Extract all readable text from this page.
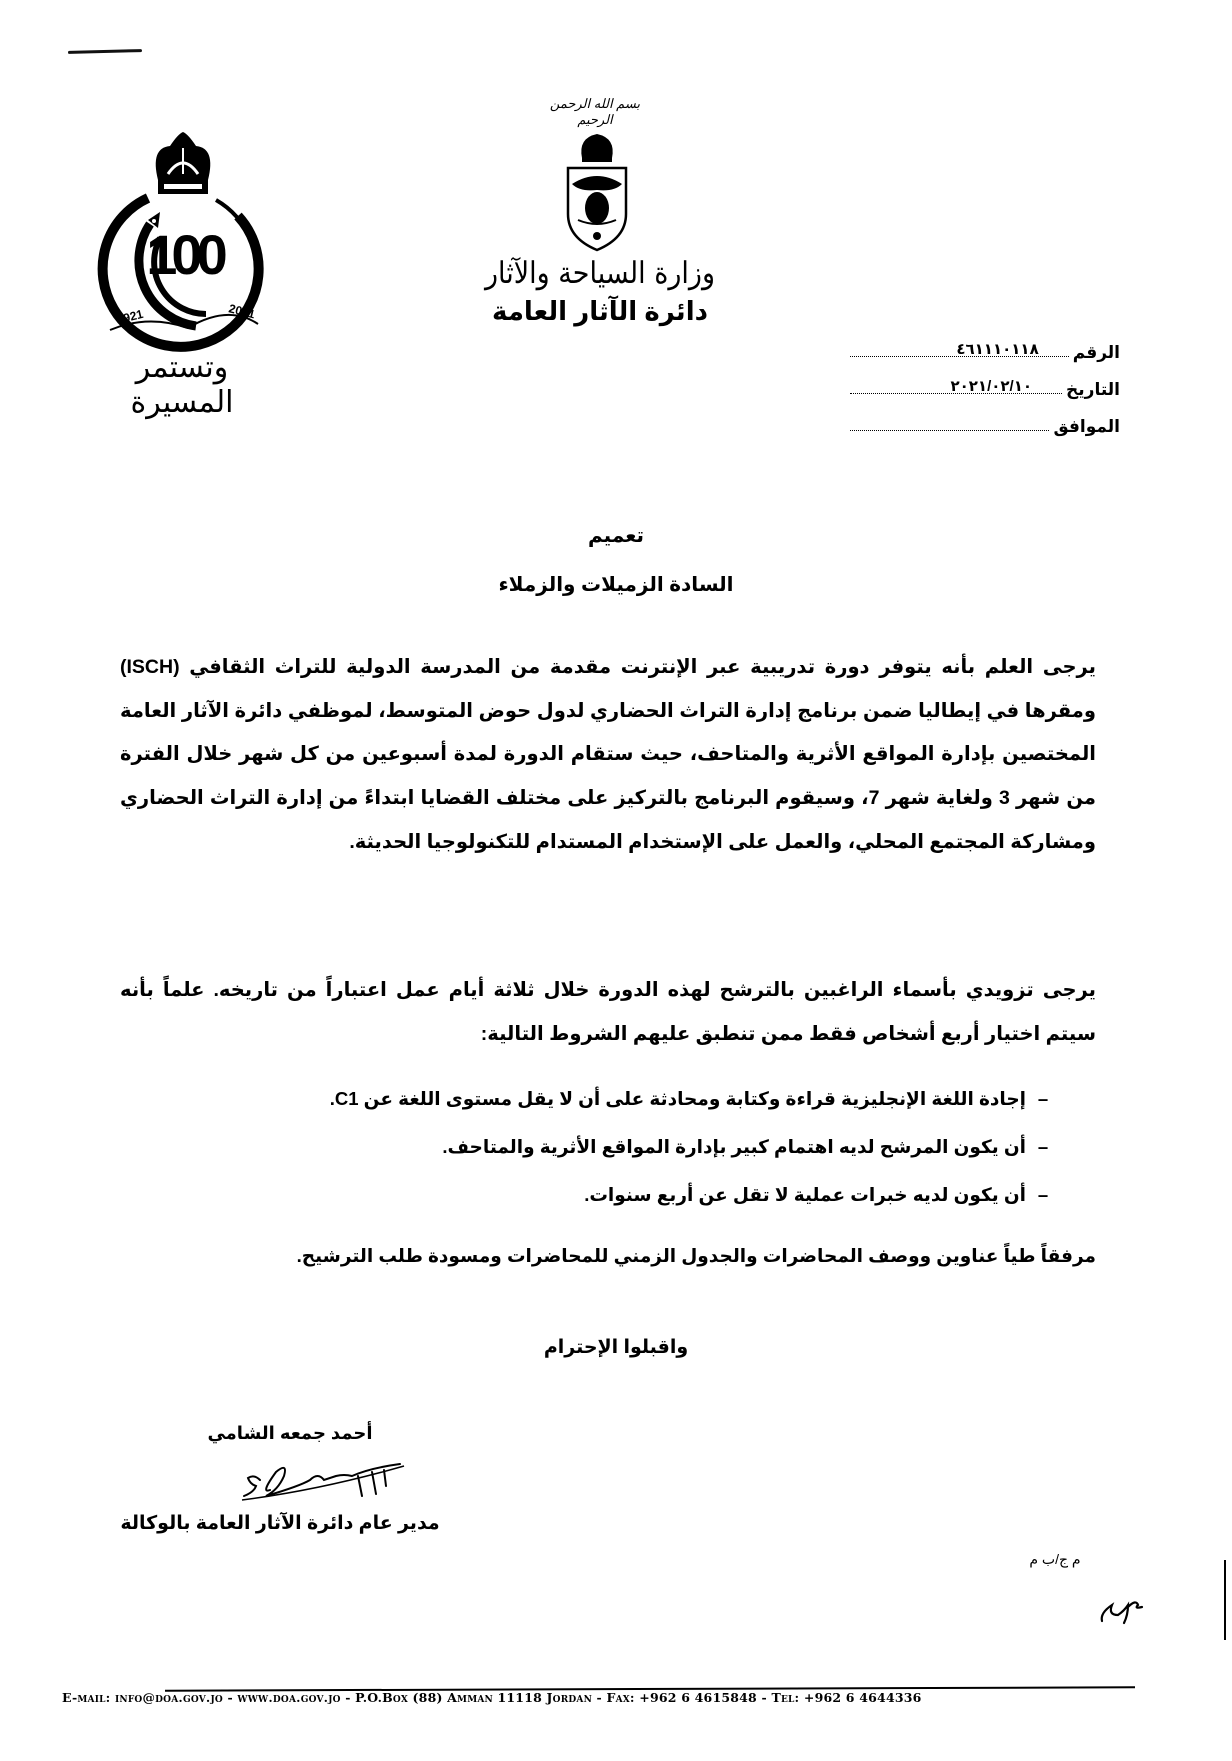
100
1921	2021
وتستمر المسيرة
بسم الله الرحمن الرحيم
وزارة السياحة والآثار
دائرة الآثار العامة
الرقم
٤٦١١١٠١١٨
التاريخ
٢٠٢١/٠٢/١٠
الموافق
تعميم
السادة الزميلات والزملاء
يرجى العلم بأنه يتوفر دورة تدريبية عبر الإنترنت مقدمة من المدرسة الدولية للتراث الثقافي (ISCH) ومقرها في إيطاليا ضمن برنامج إدارة التراث الحضاري لدول حوض المتوسط، لموظفي دائرة الآثار العامة المختصين بإدارة المواقع الأثرية والمتاحف، حيث ستقام الدورة لمدة أسبوعين من كل شهر خلال الفترة من شهر 3 ولغاية شهر 7، وسيقوم البرنامج بالتركيز على مختلف القضايا ابتداءً من إدارة التراث الحضاري ومشاركة المجتمع المحلي، والعمل على الإستخدام المستدام للتكنولوجيا الحديثة.
يرجى تزويدي بأسماء الراغبين بالترشح لهذه الدورة خلال ثلاثة أيام عمل اعتباراً من تاريخه. علماً بأنه سيتم اختيار أربع أشخاص فقط ممن تنطبق عليهم الشروط التالية:
–
إجادة اللغة الإنجليزية قراءة وكتابة ومحادثة على أن لا يقل مستوى اللغة عن C1.
–
أن يكون المرشح لديه اهتمام كبير بإدارة المواقع الأثرية والمتاحف.
–
أن يكون لديه خبرات عملية لا تقل عن أربع سنوات.
مرفقاً طياً عناوين ووصف المحاضرات والجدول الزمني للمحاضرات ومسودة طلب الترشيح.
واقبلوا الإحترام
أحمد جمعه الشامي
مدير عام دائرة الآثار العامة بالوكالة
م ج/ب م
E-mail: info@doa.gov.jo - www.doa.gov.jo - P.O.Box (88) Amman 11118 Jordan - Fax: +962 6 4615848 - Tel: +962 6 4644336
